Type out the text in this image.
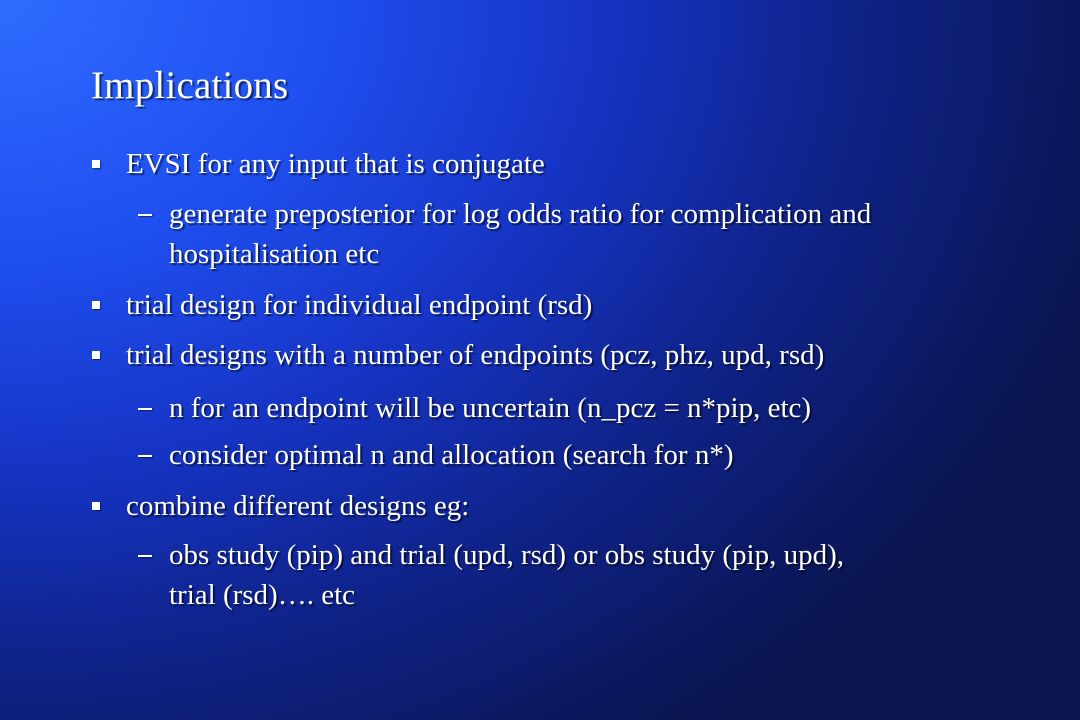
Implications
EVSI for any input that is conjugate
generate preposterior for log odds ratio for complication and
hospitalisation etc
trial design for individual endpoint (rsd)
trial designs with a number of endpoints (pcz, phz, upd, rsd)
n for an endpoint will be uncertain (n_pcz = n*pip, etc)
consider optimal n and allocation (search for n*)
combine different designs eg:
obs study (pip) and trial (upd, rsd) or obs study (pip, upd),
trial (rsd)…. etc
